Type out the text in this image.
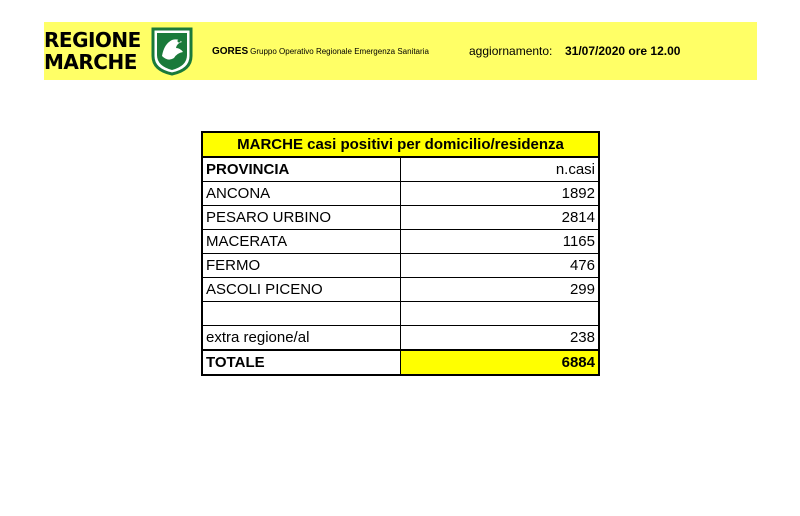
REGIONE
MARCHE	GORES Gruppo Operativo Regionale Emergenza Sanitaria	aggiornamento: 31/07/2020 ore 12.00
MARCHE casi positivi per domicilio/residenza	
PROVINCIA	n.casi
ANCONA	1892
PESARO URBINO	2814
MACERATA	1165
FERMO	476
ASCOLI PICENO	299

extra regione/al	238
TOTALE	6884
